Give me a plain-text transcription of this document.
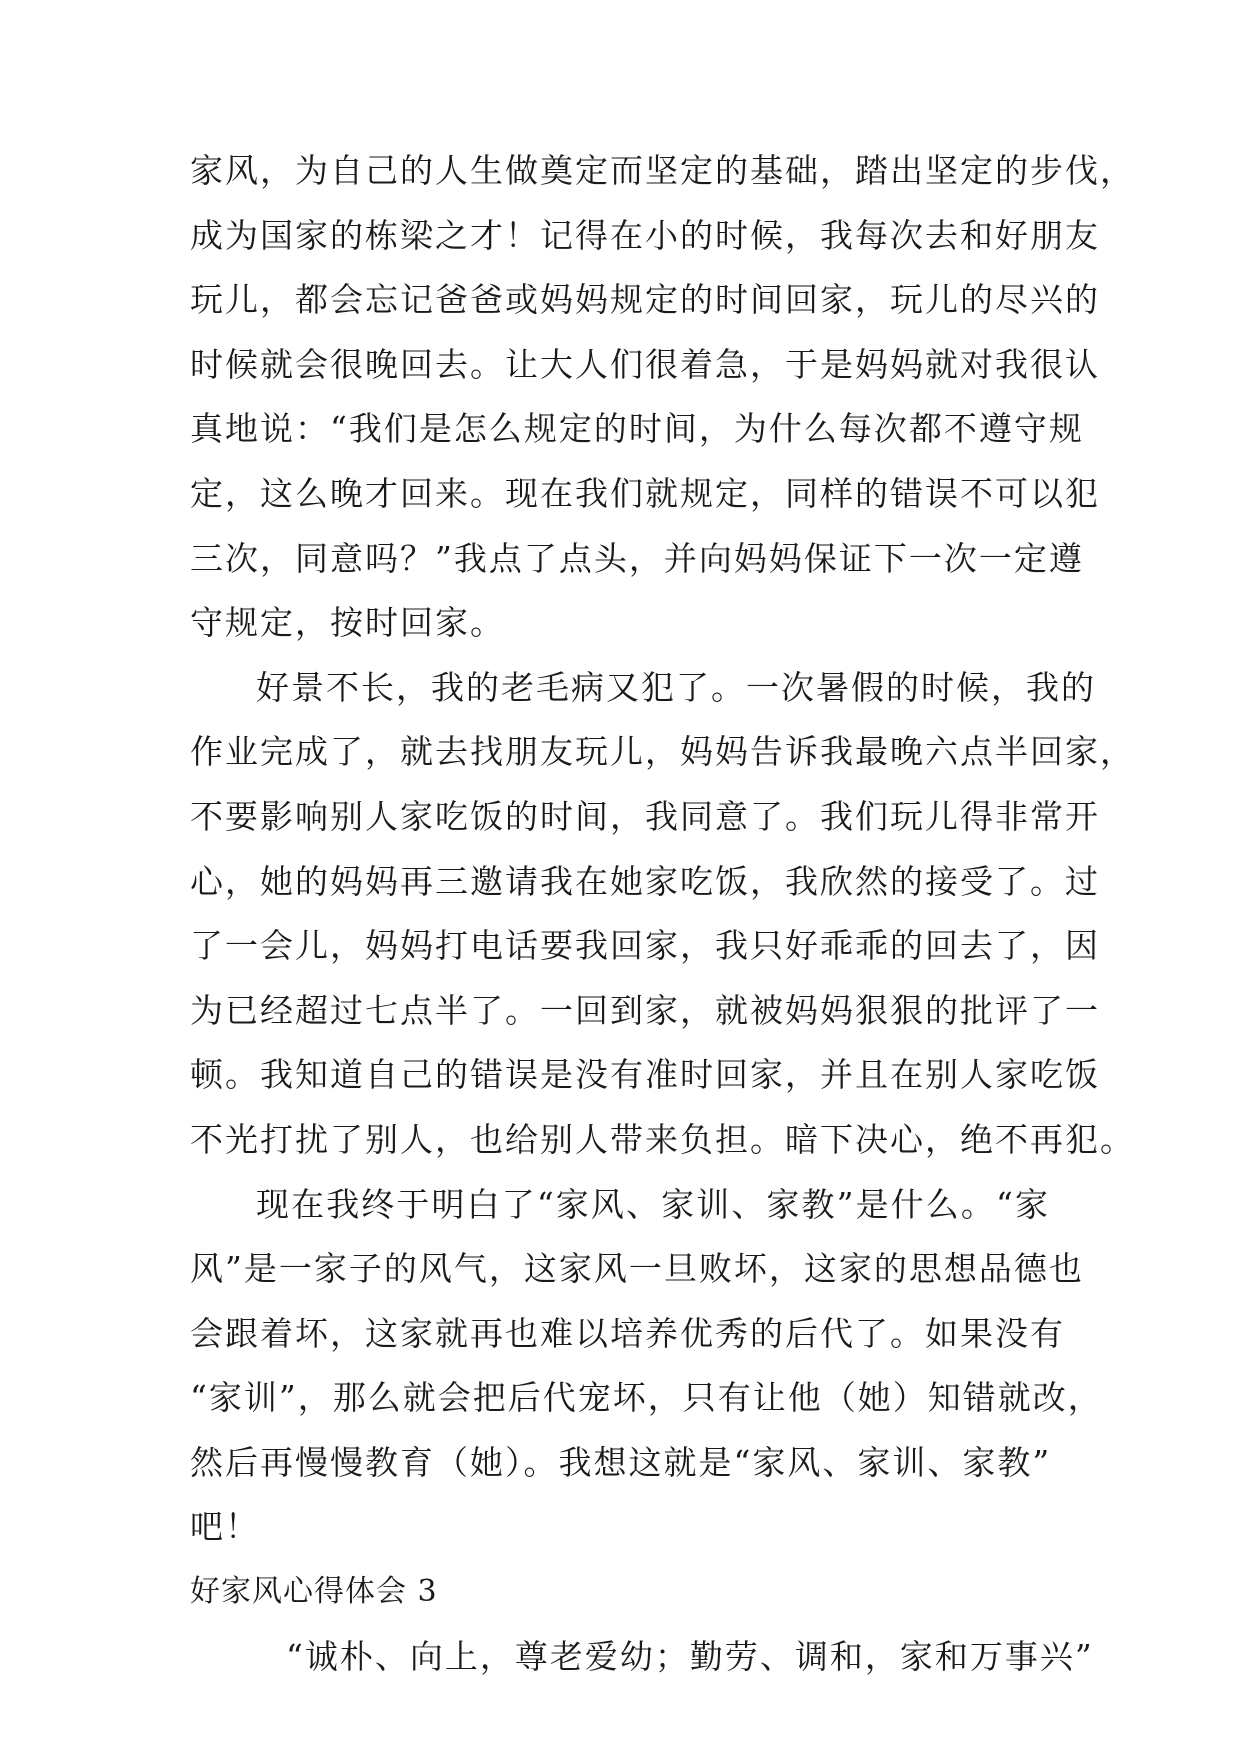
家风，为自己的人生做奠定而坚定的基础，踏出坚定的步伐，
成为国家的栋梁之才！记得在小的时候，我每次去和好朋友
玩儿，都会忘记爸爸或妈妈规定的时间回家，玩儿的尽兴的
时候就会很晚回去。让大人们很着急，于是妈妈就对我很认
真地说：“我们是怎么规定的时间，为什么每次都不遵守规
定，这么晚才回来。现在我们就规定，同样的错误不可以犯
三次，同意吗？”我点了点头，并向妈妈保证下一次一定遵
守规定，按时回家。
好景不长，我的老毛病又犯了。一次暑假的时候，我的
作业完成了，就去找朋友玩儿，妈妈告诉我最晚六点半回家，
不要影响别人家吃饭的时间，我同意了。我们玩儿得非常开
心，她的妈妈再三邀请我在她家吃饭，我欣然的接受了。过
了一会儿，妈妈打电话要我回家，我只好乖乖的回去了，因
为已经超过七点半了。一回到家，就被妈妈狠狠的批评了一
顿。我知道自己的错误是没有准时回家，并且在别人家吃饭
不光打扰了别人，也给别人带来负担。暗下决心，绝不再犯。
现在我终于明白了“家风、家训、家教”是什么。“家
风”是一家子的风气，这家风一旦败坏，这家的思想品德也
会跟着坏，这家就再也难以培养优秀的后代了。如果没有
“家训”，那么就会把后代宠坏，只有让他（她）知错就改，
然后再慢慢教育（她）。我想这就是“家风、家训、家教”
吧！
好家风心得体会 3
“诚朴、向上，尊老爱幼；勤劳、调和，家和万事兴”
